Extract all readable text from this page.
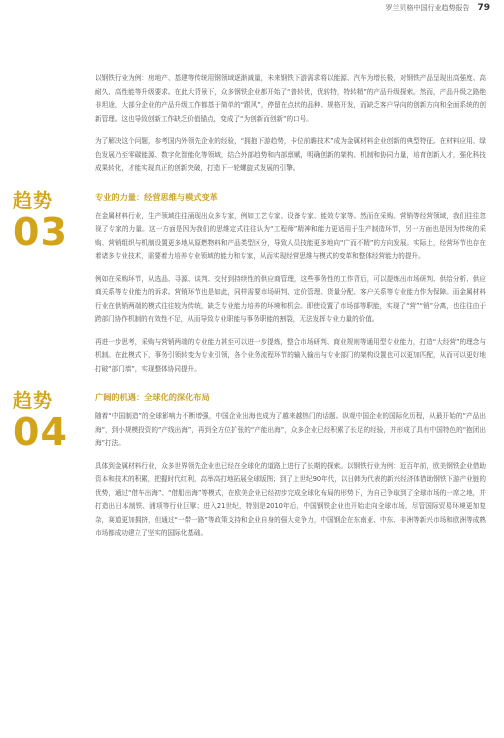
罗兰贝格中国行业趋势报告 79

以钢铁行业为例：房地产、基建等传统用钢领域逐渐减量，未来钢铁下游需求将以能源、汽车为增长极，对钢铁产品呈现出高强度、高耐久、高性能等升级要求。在此大背景下，众多钢铁企业都开始了“普转优，优转特，特转精”的产品升级探索。然而，产品升级之路绝非坦途，大部分企业的产品升级工作都基于简单的“跟风”，停留在点状的品种、规格开发，而缺乏客户导向的创新方向和全面系统的创新管理。这也导致创新工作缺乏价值锚点，变成了“为创新而创新”的口号。

为了解决这个问题，参考国内外领先企业的经验，“拥抱下游趋势，卡位前瞻技术”成为金属材料企业创新的典型特征。在材料应用、绿色发展乃至零碳能源、数字化智能化等领域，结合外部趋势和内部禀赋，明确创新的架构、机制和协同力量，培育创新人才，强化科技成果转化，才能实现真正的创新突破，打造下一轮螺旋式发展的引擎。

趋势
03
专业的力量：经营思维与模式变革

在金属材料行业，生产领域往往涌现出众多专家，例如工艺专家、设备专家、能效专家等。然而在采购、营销等经营领域，我们往往忽视了专家的力量。这一方面是因为我们的思维定式往往认为“工程师”精神和能力更适用于生产制造环节，另一方面也是因为传统的采购、营销组织与机制设置更多地从原燃物料和产品类型区分，导致人员技能更多地向“广而不精”的方向发展。实际上，经营环节也存在着诸多专业技术，需要着力培养专业领域的能力和专家，从而实现经营思维与模式的变革和整体经营能力的提升。

例如在采购环节，从选品、寻源、谈判、交付到持续性的供应商管理，这些事务性的工作背后，可以提炼出市场研判、供给分析、供应商关系等专业能力的诉求。营销环节也是如此，同样需要市场研判、定价管理、货量分配、客户关系等专业能力作为保障。而金属材料行业在供销两端的模式往往较为传统，缺乏专业能力培养的环境和机会。即使设置了市场部等职能，实现了“营”“销”分离，也往往由于跨部门协作机制的有效性不足，从而导致专业职能与事务职能的割裂，无法发挥专业力量的价值。

再进一步思考，采购与营销两端的专业能力甚至可以进一步提炼，整合市场研判、商业规则等通用型专业能力，打造“大经营”的理念与机制。在此模式下，事务引领转变为专业引领，各个业务流程环节的输入输出与专业部门的架构设置也可以更加匹配，从而可以更好地打破“部门墙”，实现整体协同提升。

趋势
04
广阔的机遇：全球化的深化布局

随着“中国制造”的全球影响力不断增强，中国企业出海也成为了越来越热门的话题。纵观中国企业的国际化历程，从最开始的“产品出海”，到小规模投资的“产线出海”，再到全方位扩张的“产能出海”，众多企业已经积累了长足的经验，并形成了具有中国特色的“抱团出海”打法。

具体到金属材料行业，众多世界领先企业也已经在全球化的道路上进行了长期的探索。以钢铁行业为例：近百年前，欧美钢铁企业借助资本和技术的积累，把握时代红利，高举高打地拓展全球版图；到了上世纪90年代，以日韩为代表的新兴经济体借助钢铁下游产业链的优势，通过“借车出海”、“借船出海”等模式，在欧美企业已经初步完成全球化布局的形势下，为自己争取到了全球市场的一席之地，并打造出日本制铁、浦项等行业巨擘；进入21世纪，特别是2010年后，中国钢铁企业也开始走向全球市场，尽管国际贸易环境更加复杂，赛道更加拥挤，但通过“一带一路”等政策支持和企业自身的强大竞争力，中国钢企在东南亚、中东、非洲等新兴市场和欧洲等成熟市场都成功建立了坚实的国际化基础。
